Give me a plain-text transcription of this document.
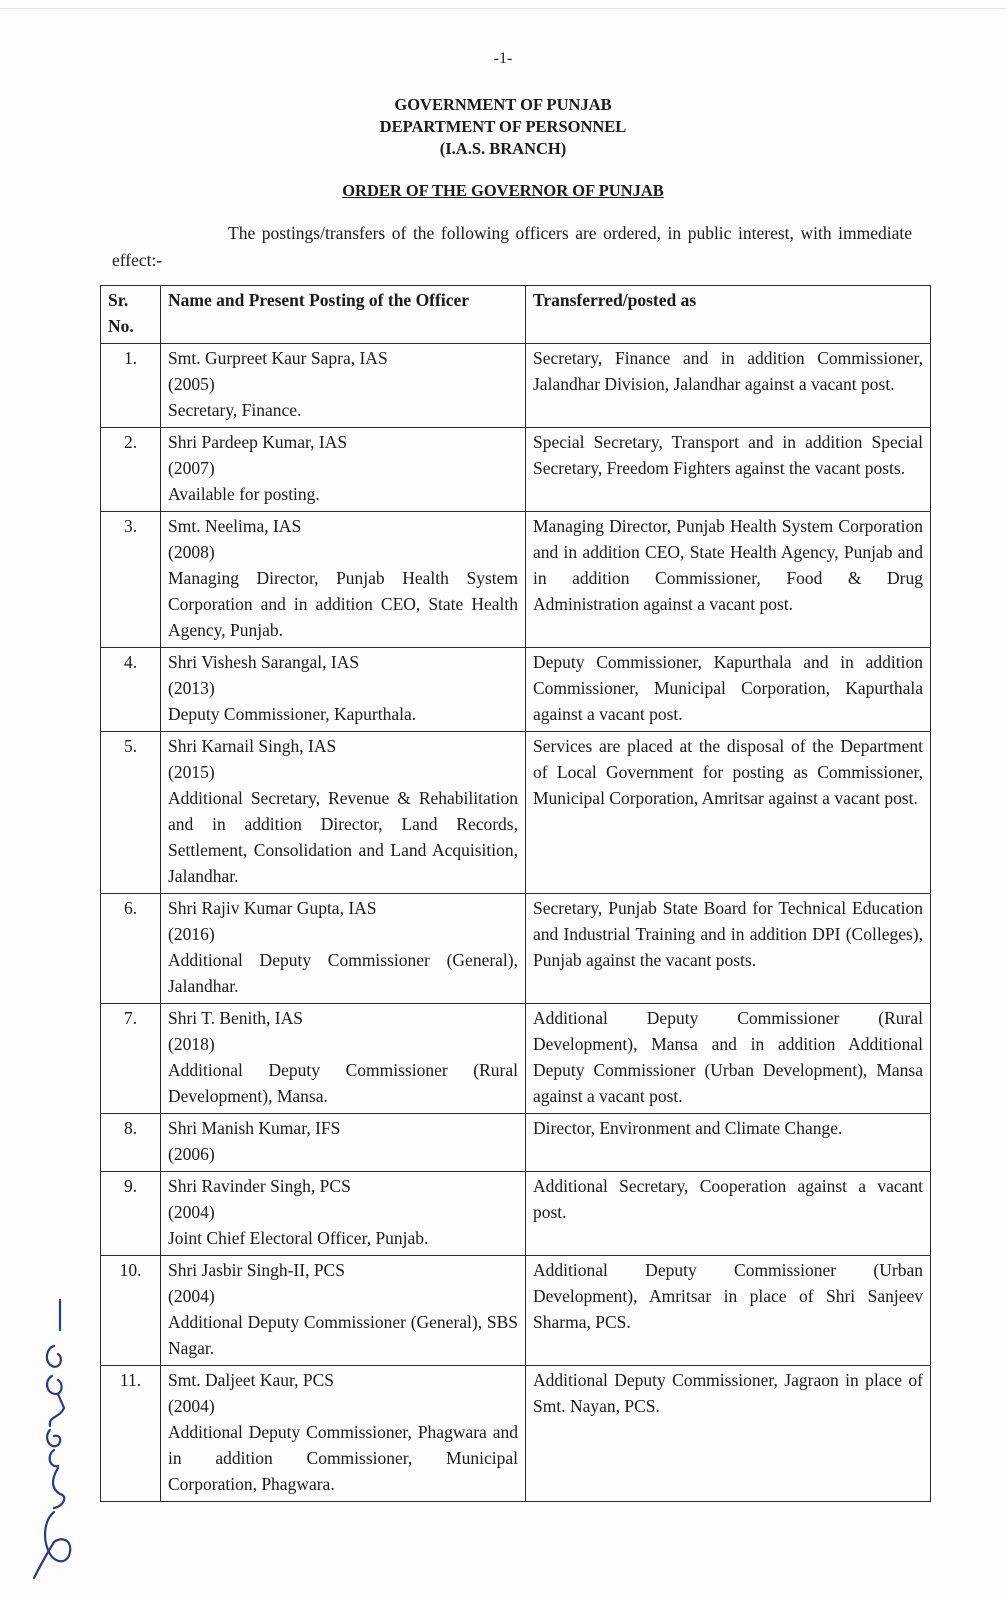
-1-
GOVERNMENT OF PUNJAB
DEPARTMENT OF PERSONNEL
(I.A.S. BRANCH)
ORDER OF THE GOVERNOR OF PUNJAB
The postings/transfers of the following officers are ordered, in public interest, with immediate effect:-
Sr. No.	Name and Present Posting of the Officer	Transferred/posted as
1.	Smt. Gurpreet Kaur Sapra, IAS
(2005)
Secretary, Finance.	Secretary, Finance and in addition Commissioner, Jalandhar Division, Jalandhar against a vacant post.
2.	Shri Pardeep Kumar, IAS
(2007)
Available for posting.	Special Secretary, Transport and in addition Special Secretary, Freedom Fighters against the vacant posts.
3.	Smt. Neelima, IAS
(2008)
Managing Director, Punjab Health System Corporation and in addition CEO, State Health Agency, Punjab.	Managing Director, Punjab Health System Corporation and in addition CEO, State Health Agency, Punjab and in addition Commissioner, Food & Drug Administration against a vacant post.
4.	Shri Vishesh Sarangal, IAS
(2013)
Deputy Commissioner, Kapurthala.	Deputy Commissioner, Kapurthala and in addition Commissioner, Municipal Corporation, Kapurthala against a vacant post.
5.	Shri Karnail Singh, IAS
(2015)
Additional Secretary, Revenue & Rehabilitation and in addition Director, Land Records, Settlement, Consolidation and Land Acquisition, Jalandhar.	Services are placed at the disposal of the Department of Local Government for posting as Commissioner, Municipal Corporation, Amritsar against a vacant post.
6.	Shri Rajiv Kumar Gupta, IAS
(2016)
Additional Deputy Commissioner (General), Jalandhar.	Secretary, Punjab State Board for Technical Education and Industrial Training and in addition DPI (Colleges), Punjab against the vacant posts.
7.	Shri T. Benith, IAS
(2018)
Additional Deputy Commissioner (Rural Development), Mansa.	Additional Deputy Commissioner (Rural Development), Mansa and in addition Additional Deputy Commissioner (Urban Development), Mansa against a vacant post.
8.	Shri Manish Kumar, IFS
(2006)	Director, Environment and Climate Change.
9.	Shri Ravinder Singh, PCS
(2004)
Joint Chief Electoral Officer, Punjab.	Additional Secretary, Cooperation against a vacant post.
10.	Shri Jasbir Singh-II, PCS
(2004)
Additional Deputy Commissioner (General), SBS Nagar.	Additional Deputy Commissioner (Urban Development), Amritsar in place of Shri Sanjeev Sharma, PCS.
11.	Smt. Daljeet Kaur, PCS
(2004)
Additional Deputy Commissioner, Phagwara and in addition Commissioner, Municipal Corporation, Phagwara.	Additional Deputy Commissioner, Jagraon in place of Smt. Nayan, PCS.
